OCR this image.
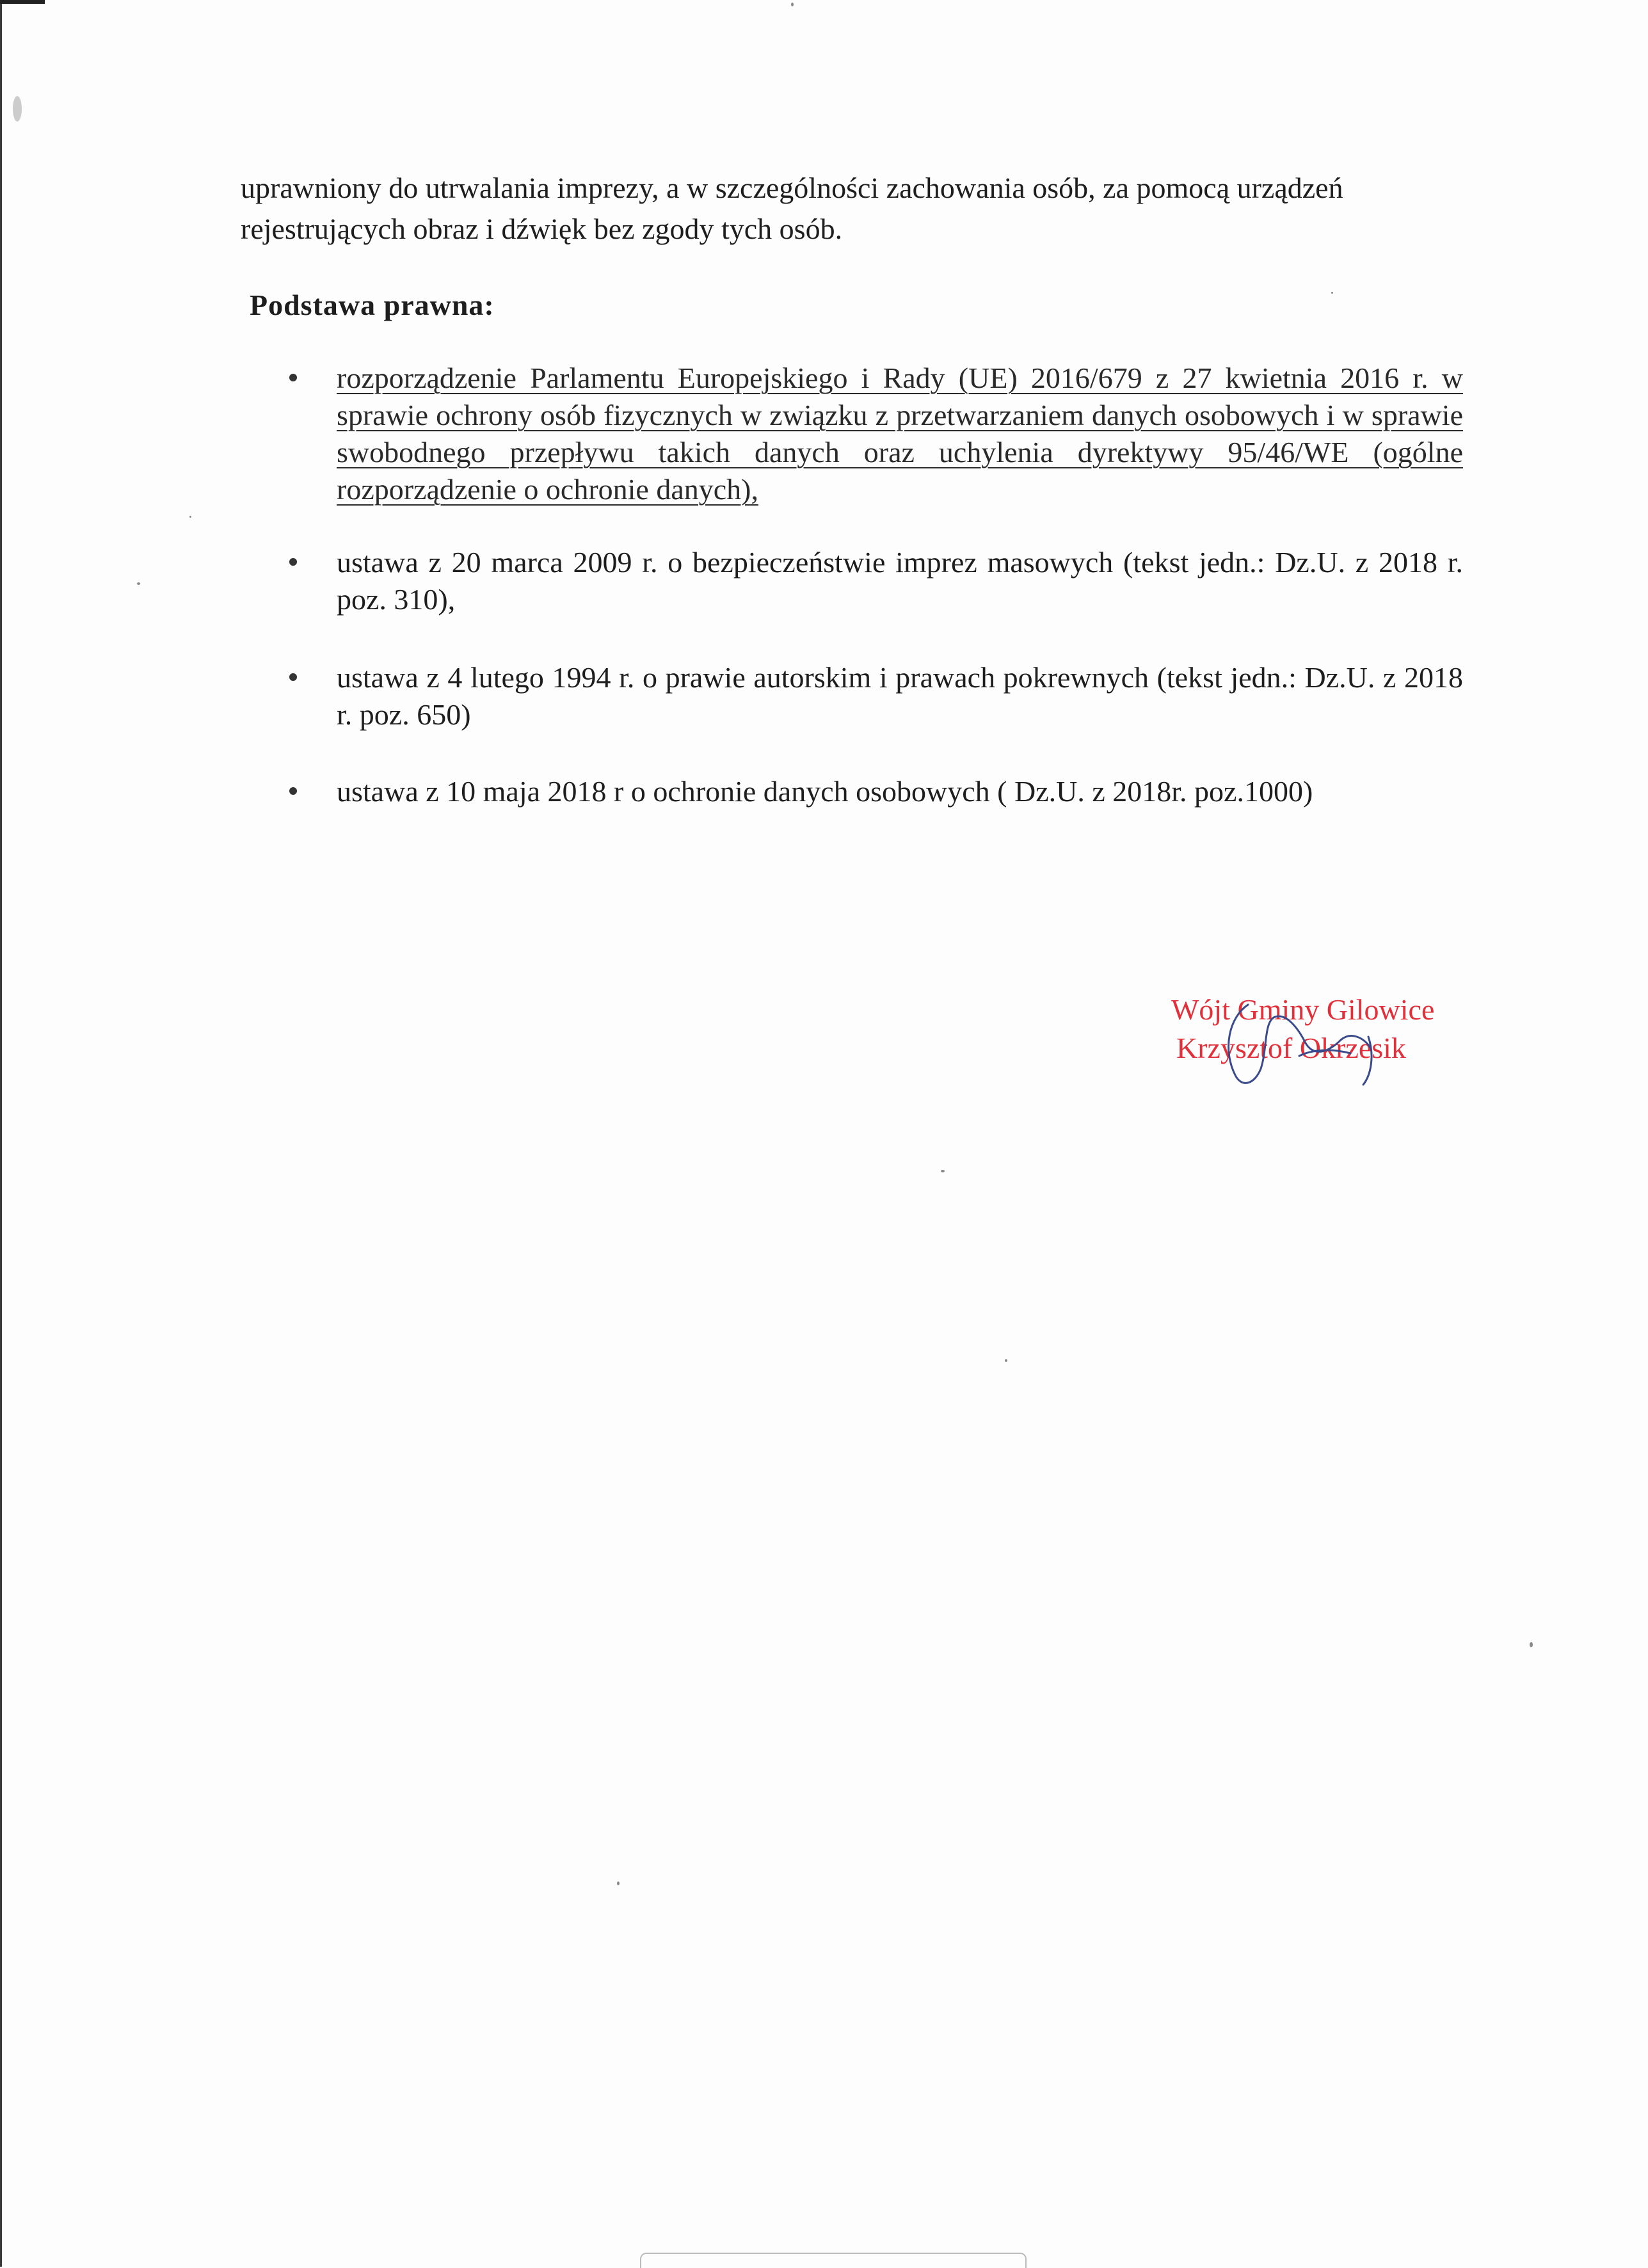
uprawniony do utrwalania imprezy, a w szczególności zachowania osób, za pomocą urządzeń
rejestrujących obraz i dźwięk bez zgody tych osób.

Podstawa prawna:
rozporządzenie Parlamentu Europejskiego i Rady (UE) 2016/679 z 27 kwietnia 2016 r. w sprawie ochrony osób fizycznych w związku z przetwarzaniem danych osobowych i w sprawie swobodnego przepływu takich danych oraz uchylenia dyrektywy 95/46/WE (ogólne rozporządzenie o ochronie danych),
ustawa z 20 marca 2009 r. o bezpieczeństwie imprez masowych (tekst jedn.: Dz.U. z 2018 r. poz. 310),
ustawa z 4 lutego 1994 r. o prawie autorskim i prawach pokrewnych (tekst jedn.: Dz.U. z 2018 r. poz. 650)
ustawa z 10 maja 2018 r o ochronie danych osobowych ( Dz.U. z 2018r. poz.1000)
Wójt Gminy Gilowice
Krzysztof Okrzesik
